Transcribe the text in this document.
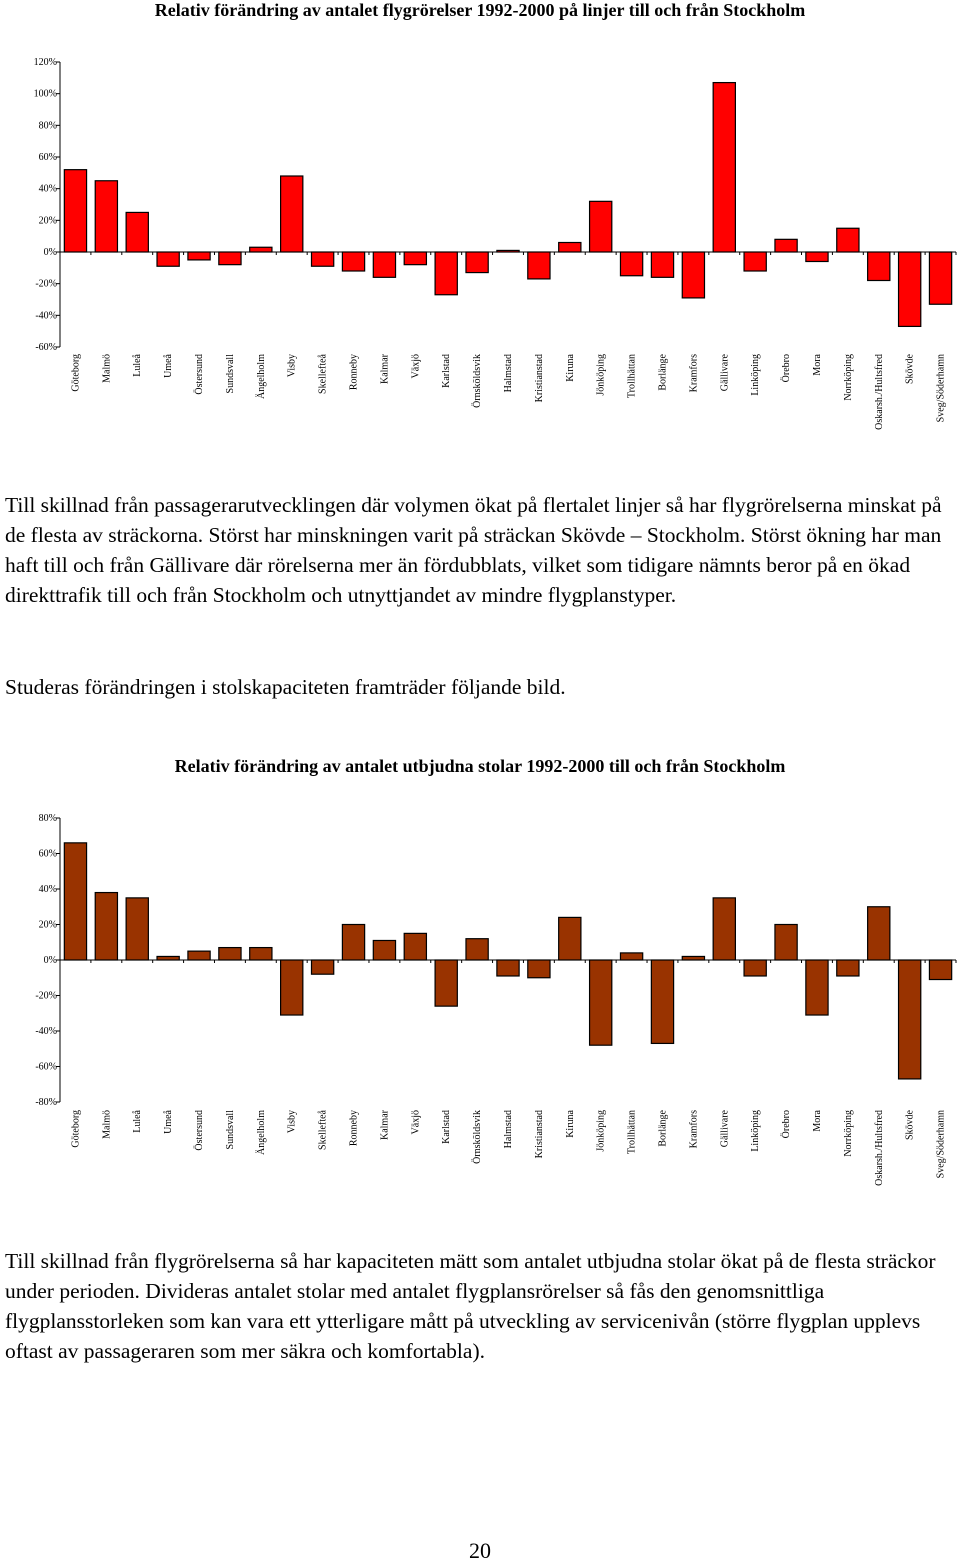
Relativ förändring av antalet flygrörelser 1992-2000 på linjer till och från Stockholm
120%
100%
80%
60%
40%
20%
0%
-20%
-40%
-60%
Göteborg Malmö Luleå Umeå Östersund Sundsvall Ängelholm Visby Skellefteå Ronneby Kalmar Växjö Karlstad Örnsköldsvik Halmstad Kristianstad Kiruna Jönköping Trollhättan Borlänge Kramfors Gällivare Linköping Örebro Mora Norrköping Oskarsh./Hultsfred Skövde Sveg/Söderhamn

Till skillnad från passagerarutvecklingen där volymen ökat på flertalet linjer så har flygrörelserna minskat på de flesta av sträckorna. Störst har minskningen varit på sträckan Skövde – Stockholm. Störst ökning har man haft till och från Gällivare där rörelserna mer än fördubblats, vilket som tidigare nämnts beror på en ökad direkttrafik till och från Stockholm och utnyttjandet av mindre flygplanstyper.

Studeras förändringen i stolskapaciteten framträder följande bild.

Relativ förändring av antalet utbjudna stolar 1992-2000 till och från Stockholm
80%
60%
40%
20%
0%
-20%
-40%
-60%
-80%
Göteborg Malmö Luleå Umeå Östersund Sundsvall Ängelholm Visby Skellefteå Ronneby Kalmar Växjö Karlstad Örnsköldsvik Halmstad Kristianstad Kiruna Jönköping Trollhättan Borlänge Kramfors Gällivare Linköping Örebro Mora Norrköping Oskarsh./Hultsfred Skövde Sveg/Söderhamn

Till skillnad från flygrörelserna så har kapaciteten mätt som antalet utbjudna stolar ökat på de flesta sträckor under perioden. Divideras antalet stolar med antalet flygplansrörelser så fås den genomsnittliga flygplansstorleken som kan vara ett ytterligare mått på utveckling av servicenivån (större flygplan upplevs oftast av passageraren som mer säkra och komfortabla).

20
